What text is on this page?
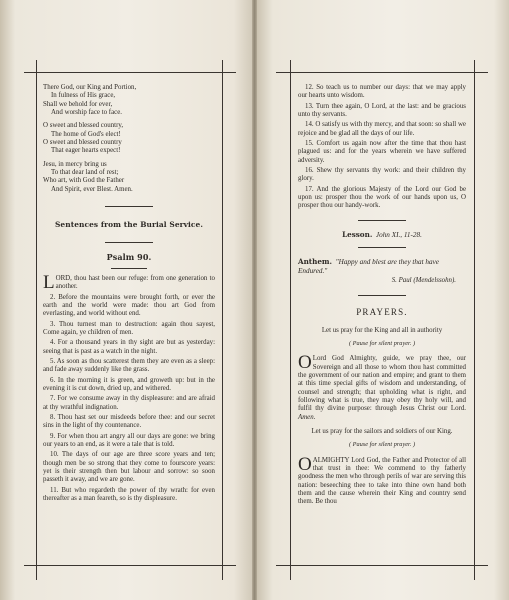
There God, our King and Portion,
In fulness of His grace,
Shall we behold for ever,
And worship face to face.
O sweet and blessed country,
The home of God's elect!
O sweet and blessed country
That eager hearts expect!
Jesu, in mercy bring us
To that dear land of rest;
Who art, with God the Father
And Spirit, ever Blest. Amen.
Sentences from the Burial Service.
Psalm 90.
LORD, thou hast been our refuge: from one generation to another.
2. Before the mountains were brought forth, or ever the earth and the world were made: thou art God from everlasting, and world without end.
3. Thou turnest man to destruction: again thou sayest, Come again, ye children of men.
4. For a thousand years in thy sight are but as yesterday: seeing that is past as a watch in the night.
5. As soon as thou scatterest them they are even as a sleep: and fade away suddenly like the grass.
6. In the morning it is green, and groweth up: but in the evening it is cut down, dried up, and withered.
7. For we consume away in thy displeasure: and are afraid at thy wrathful indignation.
8. Thou hast set our misdeeds before thee: and our secret sins in the light of thy countenance.
9. For when thou art angry all our days are gone: we bring our years to an end, as it were a tale that is told.
10. The days of our age are three score years and ten; though men be so strong that they come to fourscore years: yet is their strength then but labour and sorrow: so soon passeth it away, and we are gone.
11. But who regardeth the power of thy wrath: for even thereafter as a man feareth, so is thy displeasure.
12. So teach us to number our days: that we may apply our hearts unto wisdom.
13. Turn thee again, O Lord, at the last: and be gracious unto thy servants.
14. O satisfy us with thy mercy, and that soon: so shall we rejoice and be glad all the days of our life.
15. Comfort us again now after the time that thou hast plagued us: and for the years wherein we have suffered adversity.
16. Shew thy servants thy work: and their children thy glory.
17. And the glorious Majesty of the Lord our God be upon us: prosper thou the work of our hands upon us, O prosper thou our handy-work.
Lesson. John XI., 11-28.
Anthem. "Happy and blest are they that have Endured."
S. Paul (Mendelssohn).
PRAYERS.
Let us pray for the King and all in authority
( Pause for silent prayer. )
O Lord God Almighty, guide, we pray thee, our Sovereign and all those to whom thou hast committed the government of our nation and empire; and grant to them at this time special gifts of wisdom and understanding, of counsel and strength; that upholding what is right, and following what is true, they may obey thy holy will, and fulfil thy divine purpose: through Jesus Christ our Lord. Amen.
Let us pray for the sailors and soldiers of our King.
( Pause for silent prayer. )
OALMIGHTY Lord God, the Father and Protector of all that trust in thee: We commend to thy fatherly goodness the men who through perils of war are serving this nation: beseeching thee to take into thine own hand both them and the cause wherein their King and country send them. Be thou
